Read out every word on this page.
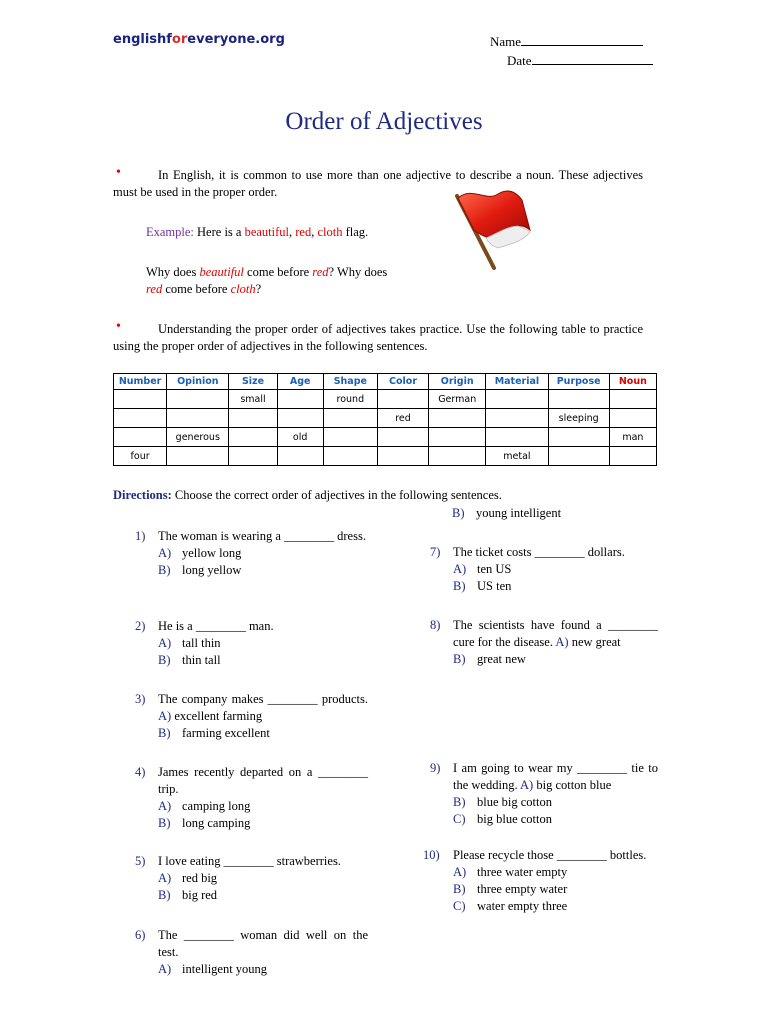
englishforeveryone.org	Name
Date
Order of Adjectives
•	In English, it is common to use more than one adjective to describe a noun. These adjectives must be used in the proper order.
Example: Here is a beautiful, red, cloth flag.
Why does beautiful come before red? Why does
red come before cloth?
•	Understanding the proper order of adjectives takes practice. Use the following table to practice using the proper order of adjectives in the following sentences.
Number	Opinion	Size	Age	Shape	Color	Origin	Material	Purpose	Noun
		small		round		German			
					red			sleeping	
	generous		old						man
four							metal		
Directions: Choose the correct order of adjectives in the following sentences.
B) young intelligent
1) The woman is wearing a ________ dress.
A) yellow long
B) long yellow
2) He is a ________ man.
A) tall thin
B) thin tall
3) The company makes ________ products. A) excellent farming
B) farming excellent
4) James recently departed on a ________ trip.
A) camping long
B) long camping
5) I love eating ________ strawberries.
A) red big
B) big red
6) The ________ woman did well on the test.
A) intelligent young
7) The ticket costs ________ dollars.
A) ten US
B) US ten
8) The scientists have found a ________ cure for the disease. A) new great
B) great new
9) I am going to wear my ________ tie to the wedding. A) big cotton blue
B) blue big cotton
C) big blue cotton
10) Please recycle those ________ bottles.
A) three water empty
B) three empty water
C) water empty three
